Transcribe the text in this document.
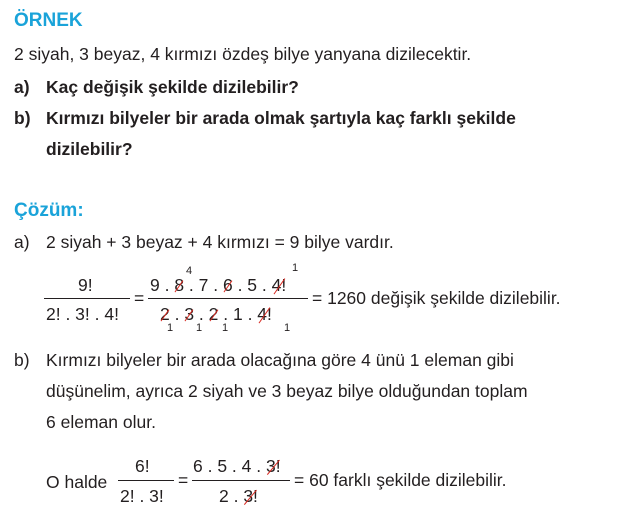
ÖRNEK
2 siyah, 3 beyaz, 4 kırmızı özdeş bilye yanyana dizilecektir.
a) Kaç değişik şekilde dizilebilir?
b) Kırmızı bilyeler bir arada olmak şartıyla kaç farklı şekilde
dizilebilir?
Çözüm:
a) 2 siyah + 3 beyaz + 4 kırmızı = 9 bilye vardır.
9!
2! . 3! . 4!
=
4	1
9 . 8 . 7 . 6 . 5 . 4!
2 . 3 . 2 . 1 . 4!
1 1 1	1
= 1260 değişik şekilde dizilebilir.
b) Kırmızı bilyeler bir arada olacağına göre 4 ünü 1 eleman gibi
düşünelim, ayrıca 2 siyah ve 3 beyaz bilye olduğundan toplam
6 eleman olur.
O halde
6!
2! . 3!
=
6 . 5 . 4 . 3!
2 . 3!
= 60 farklı şekilde dizilebilir.
